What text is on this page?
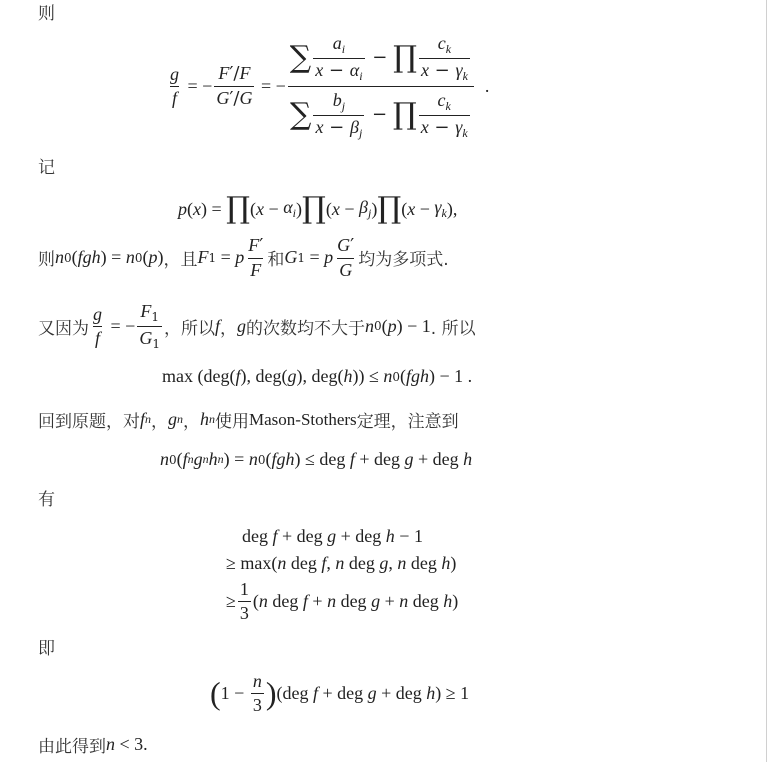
则
$\frac{g}{f}$ = − $\frac{F'/F}{G'/G}$ = − $\frac{\sum \frac{a_i}{x - \alpha_i} - \prod \frac{c_k}{x - \gamma_k}}{\sum \frac{b_j}{x - \beta_j} - \prod \frac{c_k}{x - \gamma_k}}$ .
记
p ( x ) = ∏ ( $x - \alpha_i$ ) ∏ ( $x - \beta_j$ ) ∏ ( $x - \gamma_k$ ),
则 n 0 ( fgh ) = n 0 ( p ) ，且 F 1 = p $\frac{F'}{F}$ 和 G 1 = p $\frac{G'}{G}$ 均为多项式.
又因为 $\frac{g}{f}$ = − $\frac{F_1}{G_1}$ ，所以 f ， g 的次数均不大于 n 0 ( p ) − 1 . 所以
max (deg( f ), deg( g ), deg( h )) ≤ n 0 ( fgh ) − 1 .
回到原题，对 f n ， g n ， h n 使用 Mason-Stothers 定理，注意到
n 0 ( f n g n h n ) = n 0 ( fgh ) ≤ deg f + deg g + deg h
有
deg f + deg g + deg h − 1
≥ max( n deg f , n deg g , n deg h )
≥ $\frac{1}{3}$ ( n deg f + n deg g + n deg h )
即
( $1 - \frac{n}{3}$ ) (deg f + deg g + deg h ) ≥ 1
由此得到 n < 3.
